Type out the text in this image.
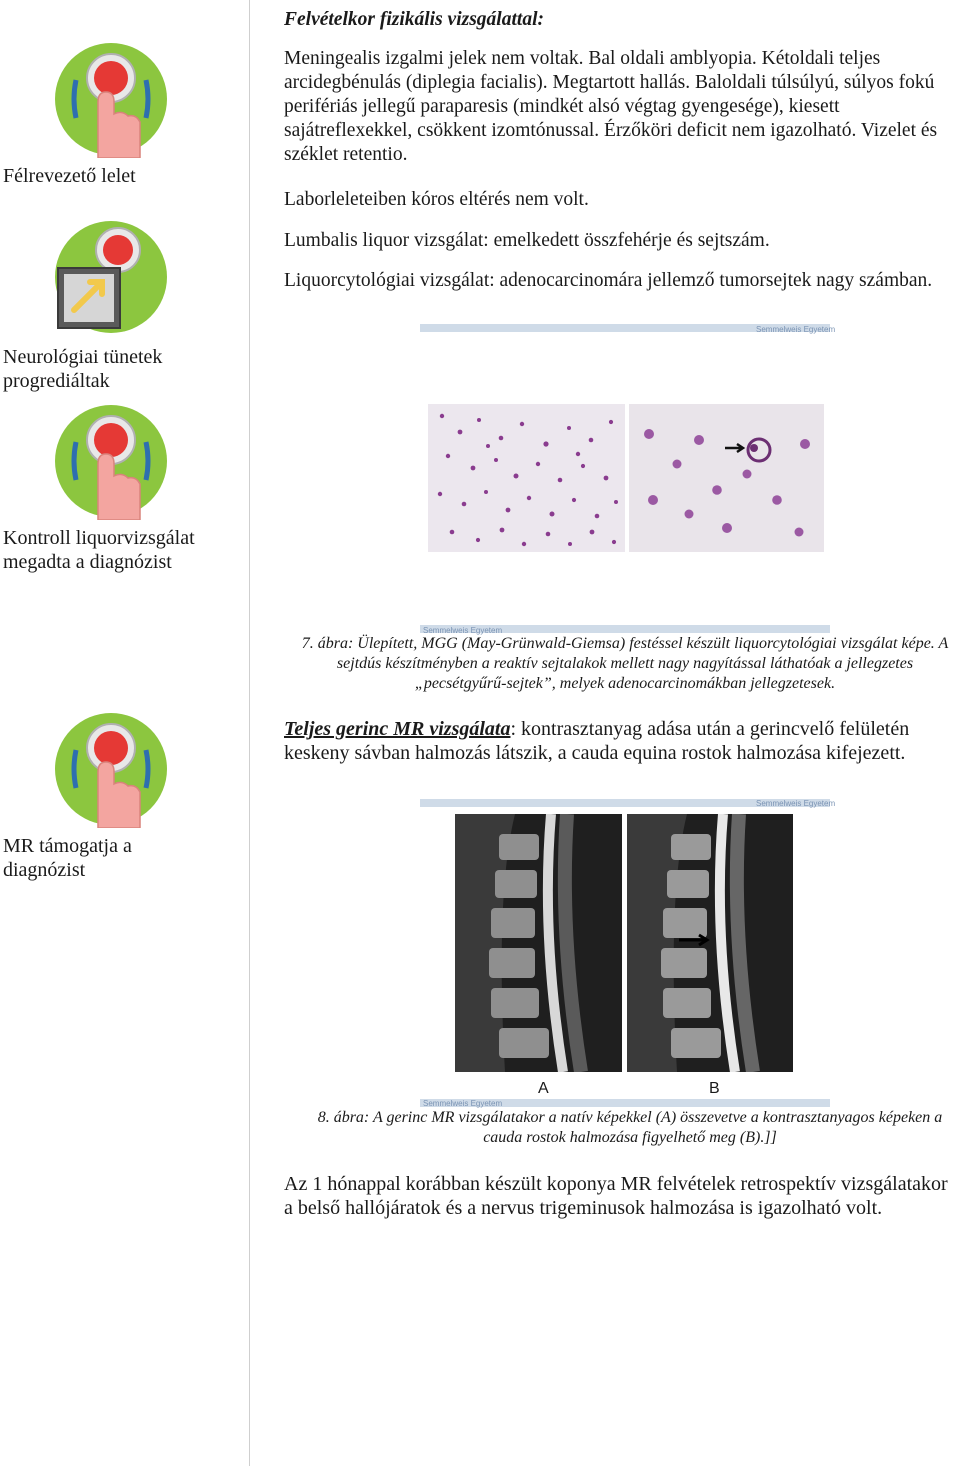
Félrevezető lelet
Neurológiai tünetek progrediáltak
Kontroll liquorvizsgálat megadta a diagnózist
MR támogatja a diagnózist
Felvételkor fizikális vizsgálattal:
Meningealis izgalmi jelek nem voltak. Bal oldali amblyopia. Kétoldali teljes arcidegbénulás (diplegia facialis). Megtartott hallás. Baloldali túlsúlyú, súlyos fokú perifériás jellegű paraparesis (mindkét alsó végtag gyengesége), kiesett sajátreflexekkel, csökkent izomtónussal. Érzőköri deficit nem igazolható. Vizelet és széklet retentio.
Laborleleteiben kóros eltérés nem volt.
Lumbalis liquor vizsgálat: emelkedett összfehérje és sejtszám.
Liquorcytológiai vizsgálat: adenocarcinomára jellemző tumorsejtek nagy számban.
Semmelweis Egyetem
Semmelweis Egyetem
7. ábra: Ülepített, MGG (May-Grünwald-Giemsa) festéssel készült liquorcytológiai vizsgálat képe. A sejtdús készítményben a reaktív sejtalakok mellett nagy nagyítással láthatóak a jellegzetes „pecsétgyűrű-sejtek”, melyek adenocarcinomákban jellegzetesek.
Teljes gerinc MR vizsgálata: kontrasztanyag adása után a gerincvelő felületén keskeny sávban halmozás látszik, a cauda equina rostok halmozása kifejezett.
Semmelweis Egyetem
A	B
Semmelweis Egyetem
8. ábra: A gerinc MR vizsgálatakor a natív képekkel (A) összevetve a kontrasztanyagos képeken a cauda rostok halmozása figyelhető meg (B).]]
Az 1 hónappal korábban készült koponya MR felvételek retrospektív vizsgálatakor a belső hallójáratok és a nervus trigeminusok halmozása is igazolható volt.
